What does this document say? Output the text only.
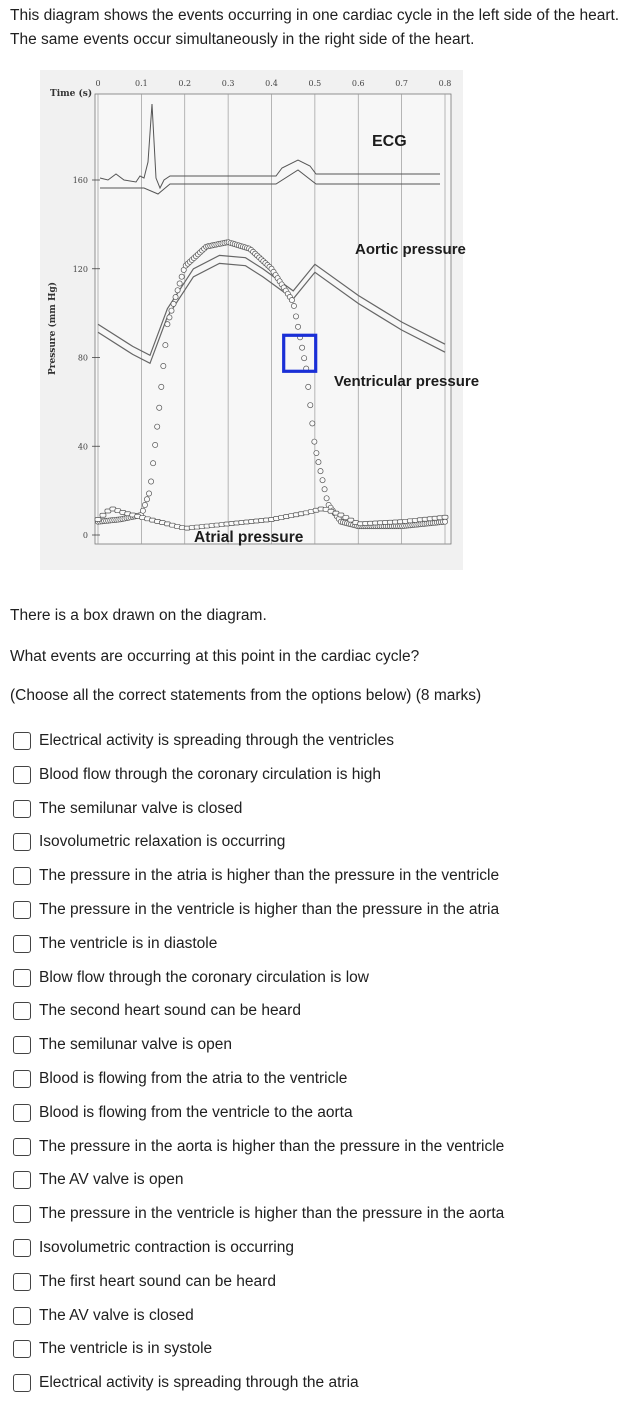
This diagram shows the events occurring in one cardiac cycle in the left side of the heart. The same events occur simultaneously in the right side of the heart.

0	0.1	0.2	0.3	0.4	0.5	0.6	0.7	0.8
160
120
80
40
0
Time (s)
Pressure (mm Hg)
ECG
Aortic pressure
Ventricular pressure
Atrial pressure

There is a box drawn on the diagram.

What events are occurring at this point in the cardiac cycle?

(Choose all the correct statements from the options below) (8 marks)

Electrical activity is spreading through the ventricles
Blood flow through the coronary circulation is high
The semilunar valve is closed
Isovolumetric relaxation is occurring
The pressure in the atria is higher than the pressure in the ventricle
The pressure in the ventricle is higher than the pressure in the atria
The ventricle is in diastole
Blow flow through the coronary circulation is low
The second heart sound can be heard
The semilunar valve is open
Blood is flowing from the atria to the ventricle
Blood is flowing from the ventricle to the aorta
The pressure in the aorta is higher than the pressure in the ventricle
The AV valve is open
The pressure in the ventricle is higher than the pressure in the aorta
Isovolumetric contraction is occurring
The first heart sound can be heard
The AV valve is closed
The ventricle is in systole
Electrical activity is spreading through the atria
